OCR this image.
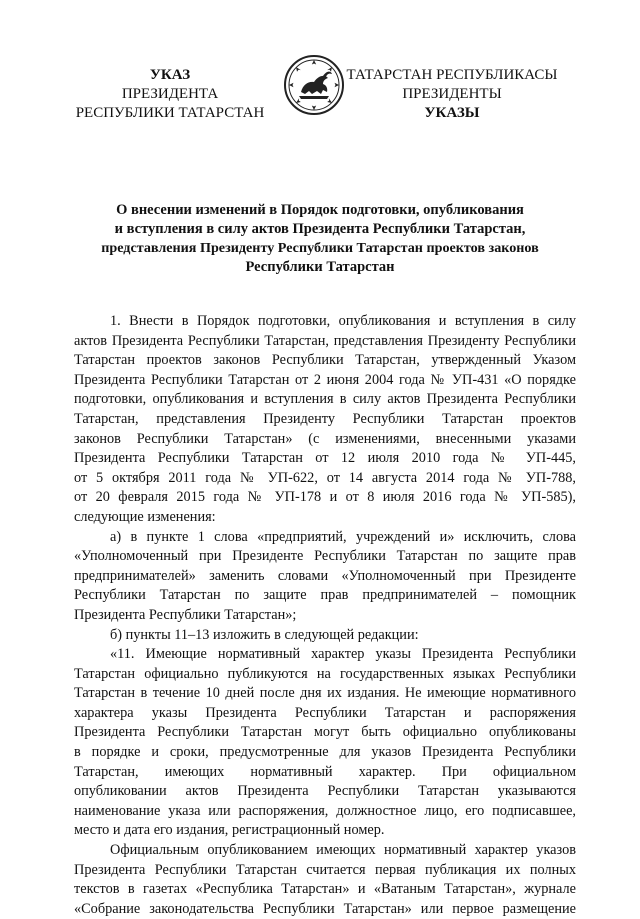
УКАЗ
ПРЕЗИДЕНТА
РЕСПУБЛИКИ ТАТАРСТАН
ТАТАРСТАН РЕСПУБЛИКАСЫ
ПРЕЗИДЕНТЫ
УКАЗЫ
О внесении изменений в Порядок подготовки, опубликования
и вступления в силу актов Президента Республики Татарстан,
представления Президенту Республики Татарстан проектов законов
Республики Татарстан
1. Внести в Порядок подготовки, опубликования и вступления в силу
актов Президента Республики Татарстан, представления Президенту Республики
Татарстан проектов законов Республики Татарстан, утвержденный Указом
Президента Республики Татарстан от 2 июня 2004 года № УП-431 «О порядке
подготовки, опубликования и вступления в силу актов Президента Республики
Татарстан, представления Президенту Республики Татарстан проектов
законов Республики Татарстан» (с изменениями, внесенными указами
Президента Республики Татарстан от 12 июля 2010 года № УП-445,
от 5 октября 2011 года № УП-622, от 14 августа 2014 года № УП-788,
от 20 февраля 2015 года № УП-178 и от 8 июля 2016 года № УП-585),
следующие изменения:
а) в пункте 1 слова «предприятий, учреждений и» исключить, слова
«Уполномоченный при Президенте Республики Татарстан по защите прав
предпринимателей» заменить словами «Уполномоченный при Президенте
Республики Татарстан по защите прав предпринимателей – помощник
Президента Республики Татарстан»;
б) пункты 11–13 изложить в следующей редакции:
«11. Имеющие нормативный характер указы Президента Республики
Татарстан официально публикуются на государственных языках Республики
Татарстан в течение 10 дней после дня их издания. Не имеющие нормативного
характера указы Президента Республики Татарстан и распоряжения
Президента Республики Татарстан могут быть официально опубликованы
в порядке и сроки, предусмотренные для указов Президента Республики
Татарстан, имеющих нормативный характер. При официальном
опубликовании актов Президента Республики Татарстан указываются
наименование указа или распоряжения, должностное лицо, его подписавшее,
место и дата его издания, регистрационный номер.
Официальным опубликованием имеющих нормативный характер указов
Президента Республики Татарстан считается первая публикация их полных
текстов в газетах «Республика Татарстан» и «Ватаным Татарстан», журнале
«Собрание законодательства Республики Татарстан» или первое размещение
